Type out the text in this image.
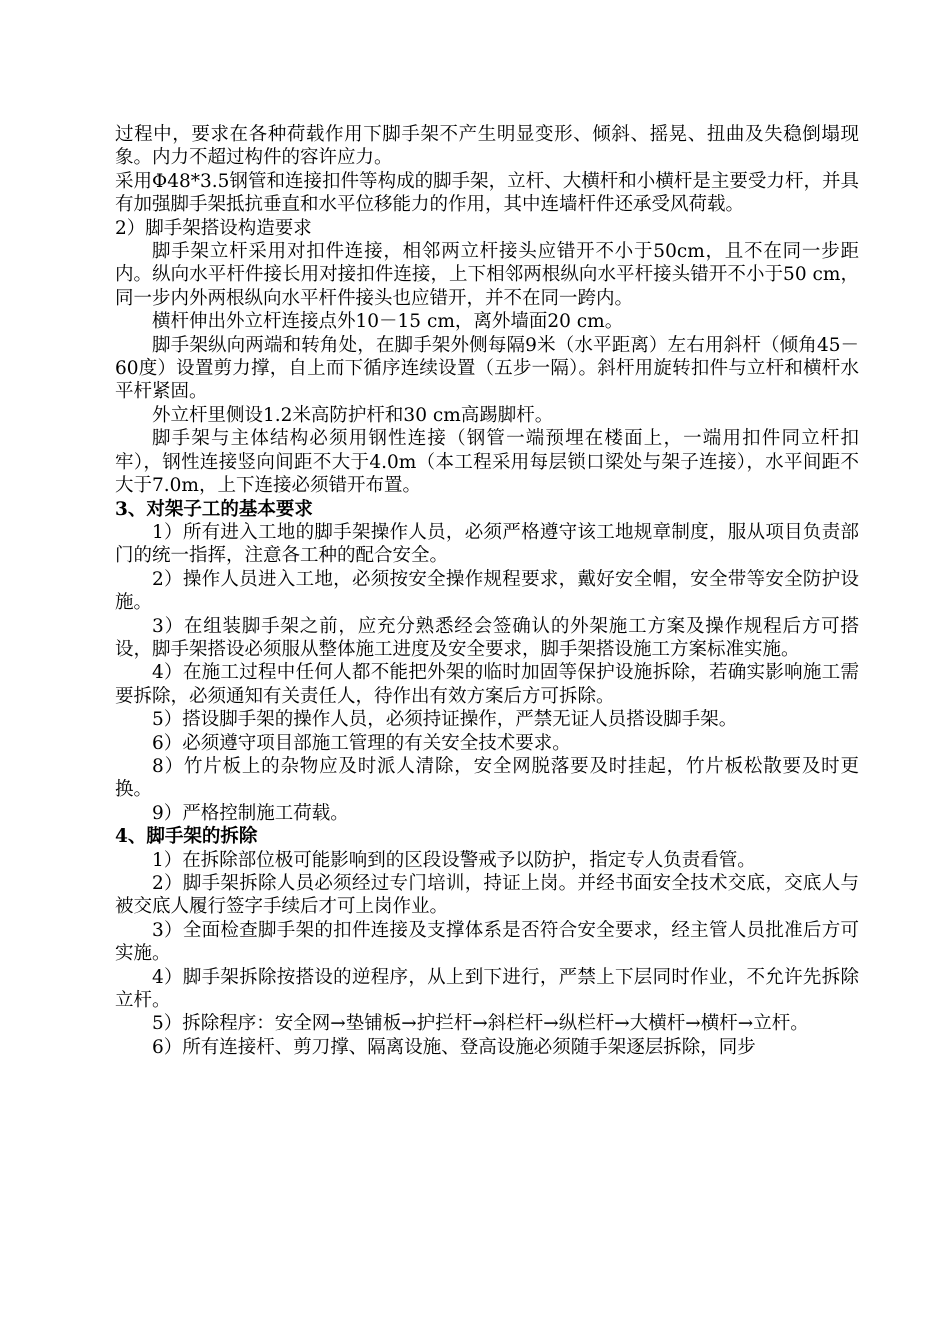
过程中，要求在各种荷载作用下脚手架不产生明显变形、倾斜、摇晃、扭曲及失稳倒塌现象。内力不超过构件的容许应力。

采用Φ48*3.5钢管和连接扣件等构成的脚手架，立杆、大横杆和小横杆是主要受力杆，并具有加强脚手架抵抗垂直和水平位移能力的作用，其中连墙杆件还承受风荷载。

2）脚手架搭设构造要求

脚手架立杆采用对扣件连接，相邻两立杆接头应错开不小于50cm，且不在同一步距内。纵向水平杆件接长用对接扣件连接，上下相邻两根纵向水平杆接头错开不小于50 cm，同一步内外两根纵向水平杆件接头也应错开，并不在同一跨内。

横杆伸出外立杆连接点外10－15 cm，离外墙面20 cm。

脚手架纵向两端和转角处，在脚手架外侧每隔9米（水平距离）左右用斜杆（倾角45－60度）设置剪力撑，自上而下循序连续设置（五步一隔）。斜杆用旋转扣件与立杆和横杆水平杆紧固。

外立杆里侧设1.2米高防护杆和30 cm高踢脚杆。

脚手架与主体结构必须用钢性连接（钢管一端预埋在楼面上，一端用扣件同立杆扣牢），钢性连接竖向间距不大于4.0m（本工程采用每层锁口梁处与架子连接），水平间距不大于7.0m，上下连接必须错开布置。

3、对架子工的基本要求

1）所有进入工地的脚手架操作人员，必须严格遵守该工地规章制度，服从项目负责部门的统一指挥，注意各工种的配合安全。

2）操作人员进入工地，必须按安全操作规程要求，戴好安全帽，安全带等安全防护设施。

3）在组装脚手架之前，应充分熟悉经会签确认的外架施工方案及操作规程后方可搭设，脚手架搭设必须服从整体施工进度及安全要求，脚手架搭设施工方案标准实施。

4）在施工过程中任何人都不能把外架的临时加固等保护设施拆除，若确实影响施工需要拆除，必须通知有关责任人，待作出有效方案后方可拆除。

5）搭设脚手架的操作人员，必须持证操作，严禁无证人员搭设脚手架。

6）必须遵守项目部施工管理的有关安全技术要求。

8）竹片板上的杂物应及时派人清除，安全网脱落要及时挂起，竹片板松散要及时更换。

9）严格控制施工荷载。

4、脚手架的拆除

1）在拆除部位极可能影响到的区段设警戒予以防护，指定专人负责看管。

2）脚手架拆除人员必须经过专门培训，持证上岗。并经书面安全技术交底，交底人与被交底人履行签字手续后才可上岗作业。

3）全面检查脚手架的扣件连接及支撑体系是否符合安全要求，经主管人员批准后方可实施。

4）脚手架拆除按搭设的逆程序，从上到下进行，严禁上下层同时作业，不允许先拆除立杆。

5）拆除程序：安全网→垫铺板→护拦杆→斜栏杆→纵栏杆→大横杆→横杆→立杆。

6）所有连接杆、剪刀撑、隔离设施、登高设施必须随手架逐层拆除，同步
